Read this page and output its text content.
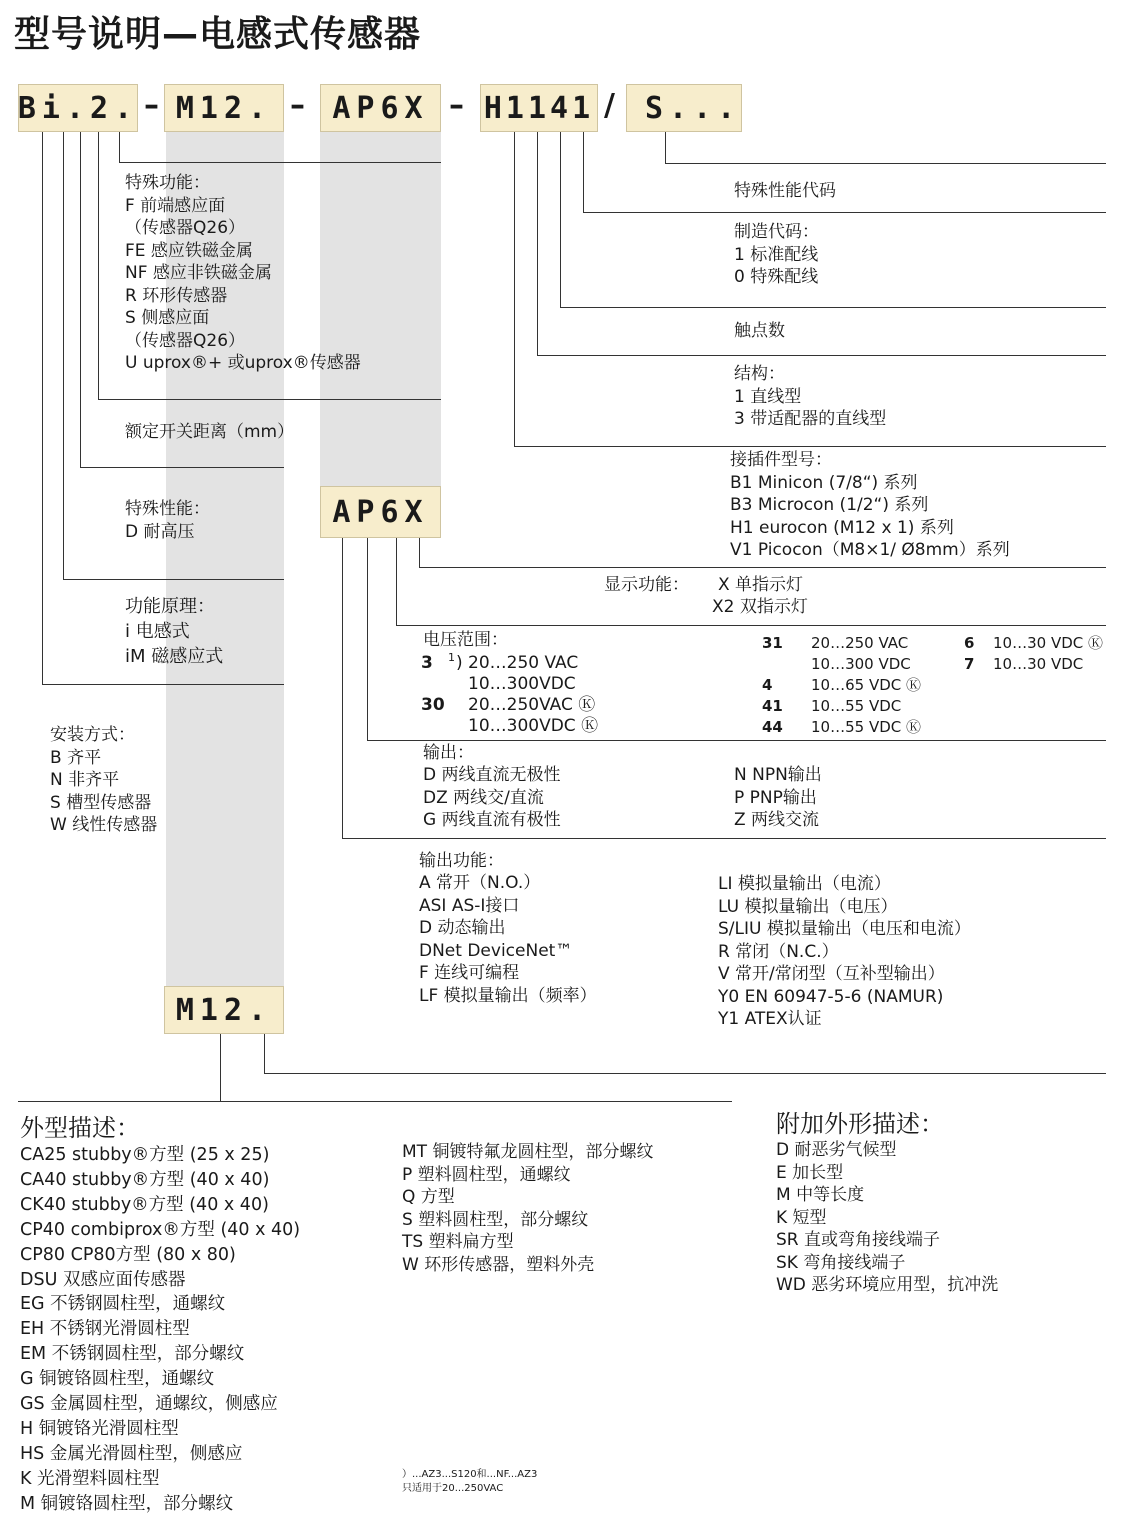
型号说明—电感式传感器
Bi.2. – M12. – AP6X – H1141 /	S...
特殊功能：
F 前端感应面
（传感器Q26）
FE 感应铁磁金属
NF 感应非铁磁金属
R 环形传感器
S 侧感应面
（传感器Q26）
U uprox®+ 或uprox®传感器
额定开关距离（mm）
特殊性能：
D 耐高压
功能原理：
i 电感式
iM 磁感应式
安装方式：
B 齐平
N 非齐平
S 槽型传感器
W 线性传感器
特殊性能代码
制造代码：
1 标准配线
0 特殊配线
触点数
结构：
1 直线型
3 带适配器的直线型
接插件型号：
B1 Minicon (7/8“) 系列
B3 Microcon (1/2“) 系列
H1 eurocon (M12 x 1) 系列
V1 Picocon（M8×1/ Ø8mm）系列
AP6X
显示功能： X 单指示灯
X2 双指示灯
电压范围：
3 1 ) 20…250 VAC
10…300VDC
30 20…250VAC Ⓚ
10…300VDC Ⓚ
31 20…250 VAC
10…300 VDC
4	10…65 VDC Ⓚ
41 10…55 VDC
44 10…55 VDC Ⓚ
6 10…30 VDC Ⓚ
7 10…30 VDC
输出：
D 两线直流无极性
DZ 两线交/直流
G 两线直流有极性
N NPN输出
P PNP输出
Z 两线交流
输出功能：
A 常开（N.O.）
ASI AS-I接口
D 动态输出
DNet DeviceNet™
F 连线可编程
LF 模拟量输出（频率）
LI 模拟量输出（电流）
LU 模拟量输出（电压）
S/LIU 模拟量输出（电压和电流）
R 常闭（N.C.）
V 常开/常闭型（互补型输出）
Y0 EN 60947-5-6 (NAMUR)
Y1 ATEX认证
M12.
外型描述：
CA25 stubby®方型 (25 x 25)
CA40 stubby®方型 (40 x 40)
CK40 stubby®方型 (40 x 40)
CP40 combiprox®方型 (40 x 40)
CP80 CP80方型 (80 x 80)
DSU 双感应面传感器
EG 不锈钢圆柱型，通螺纹
EH 不锈钢光滑圆柱型
EM 不锈钢圆柱型，部分螺纹
G 铜镀铬圆柱型，通螺纹
GS 金属圆柱型，通螺纹，侧感应
H 铜镀铬光滑圆柱型
HS 金属光滑圆柱型，侧感应
K 光滑塑料圆柱型
M 铜镀铬圆柱型，部分螺纹
MT 铜镀特氟龙圆柱型，部分螺纹
P 塑料圆柱型，通螺纹
Q 方型
S 塑料圆柱型，部分螺纹
TS 塑料扁方型
W 环形传感器，塑料外壳
附加外形描述：
D 耐恶劣气候型
E 加长型
M 中等长度
K 短型
SR 直或弯角接线端子
SK 弯角接线端子
WD 恶劣环境应用型，抗冲洗
）...AZ3...S120和...NF...AZ3
只适用于20...250VAC
